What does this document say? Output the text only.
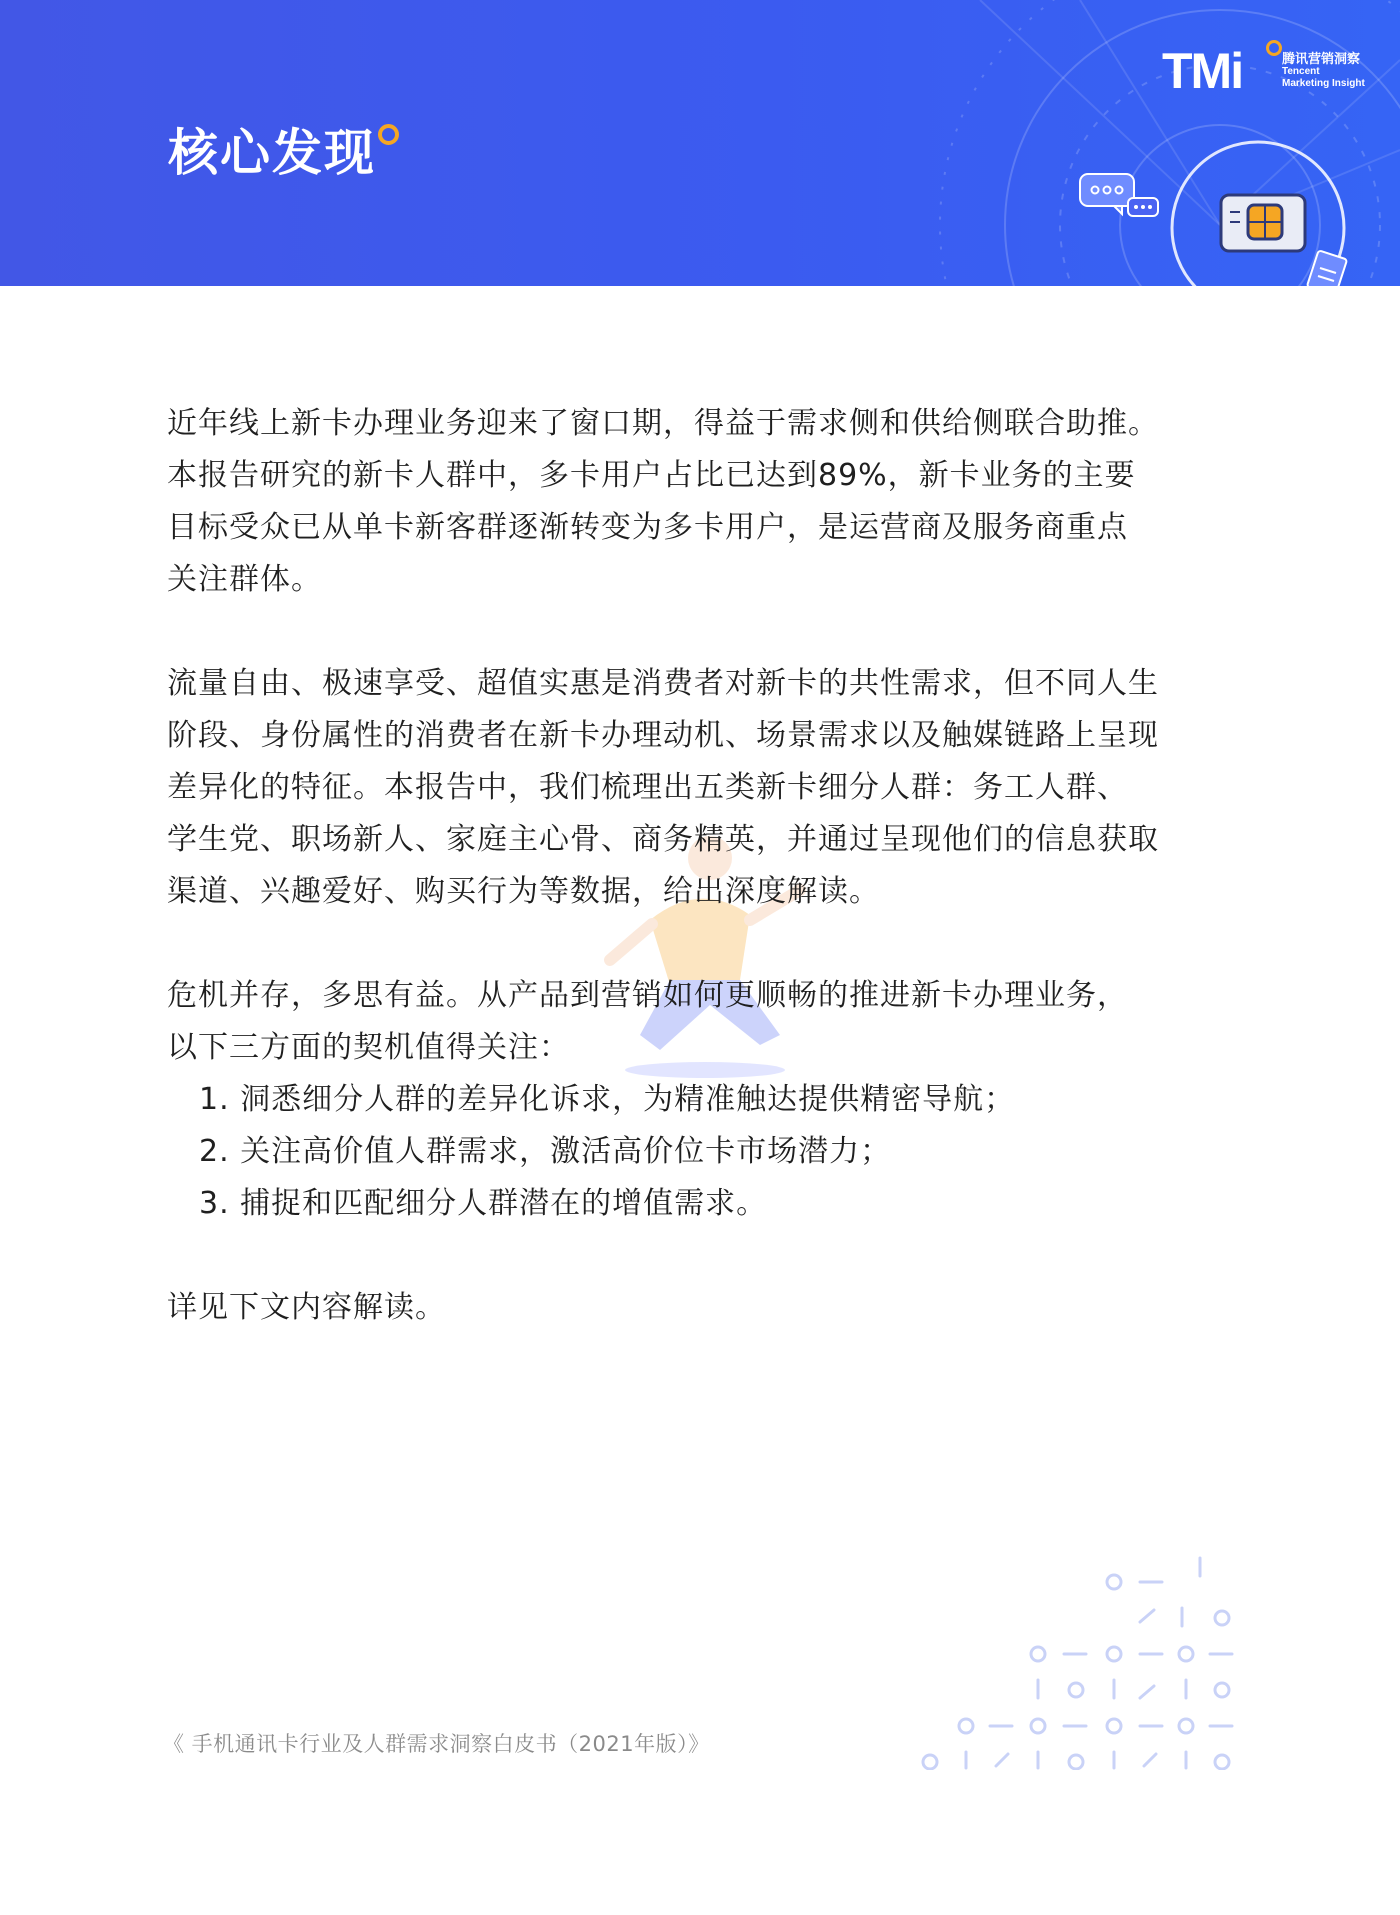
核心发现
TMi	腾讯营销洞察
Tencent
Marketing Insight

近年线上新卡办理业务迎来了窗口期，得益于需求侧和供给侧联合助推。
本报告研究的新卡人群中，多卡用户占比已达到89%，新卡业务的主要
目标受众已从单卡新客群逐渐转变为多卡用户，是运营商及服务商重点
关注群体。

流量自由、极速享受、超值实惠是消费者对新卡的共性需求，但不同人生
阶段、身份属性的消费者在新卡办理动机、场景需求以及触媒链路上呈现
差异化的特征。本报告中，我们梳理出五类新卡细分人群：务工人群、
学生党、职场新人、家庭主心骨、商务精英，并通过呈现他们的信息获取
渠道、兴趣爱好、购买行为等数据，给出深度解读。

危机并存，多思有益。从产品到营销如何更顺畅的推进新卡办理业务，
以下三方面的契机值得关注：

1. 洞悉细分人群的差异化诉求，为精准触达提供精密导航；
2. 关注高价值人群需求，激活高价位卡市场潜力；
3. 捕捉和匹配细分人群潜在的增值需求。

详见下文内容解读。

《 手机通讯卡行业及人群需求洞察白皮书（2021年版）》
